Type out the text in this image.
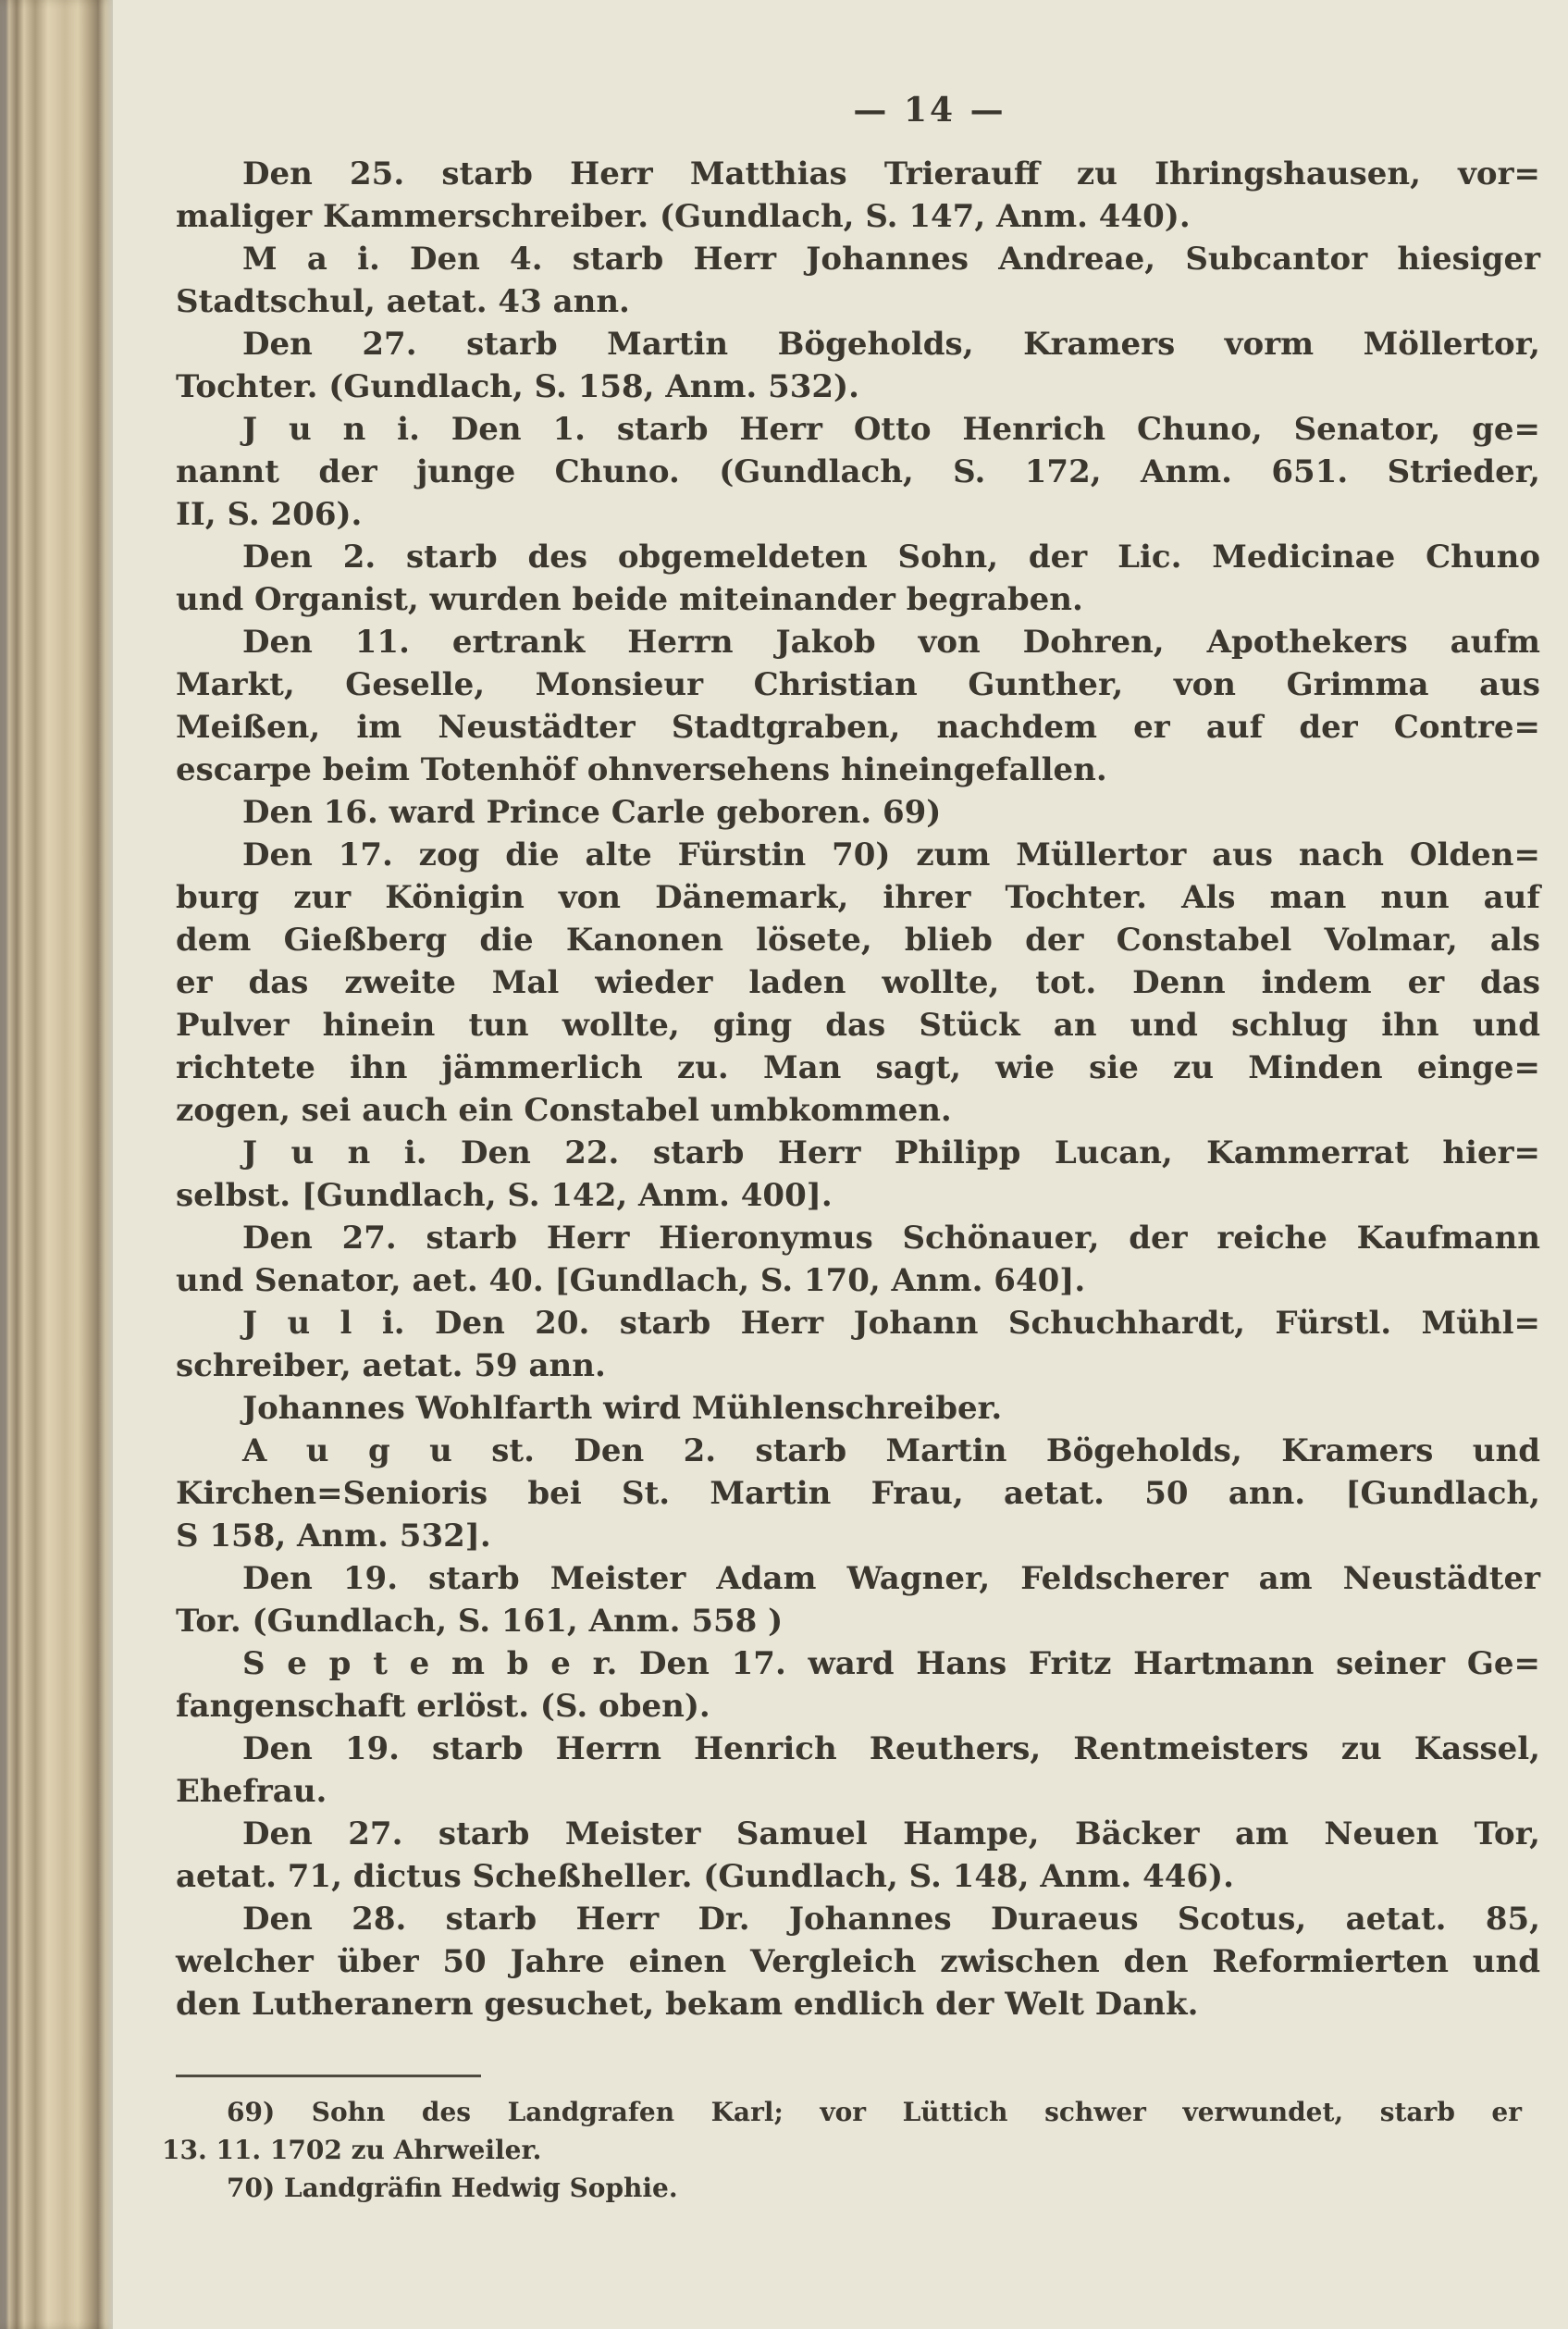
— 14 —
Den 25. starb Herr Matthias Trierauff zu Ihringshausen, vor=
maliger Kammerschreiber. (Gundlach, S. 147, Anm. 440).
M a i. Den 4. starb Herr Johannes Andreae, Subcantor hiesiger
Stadtschul, aetat. 43 ann.
Den 27. starb Martin Bögeholds, Kramers vorm Möllertor,
Tochter. (Gundlach, S. 158, Anm. 532).
J u n i. Den 1. starb Herr Otto Henrich Chuno, Senator, ge=
nannt der junge Chuno. (Gundlach, S. 172, Anm. 651. Strieder,
II, S. 206).
Den 2. starb des obgemeldeten Sohn, der Lic. Medicinae Chuno
und Organist, wurden beide miteinander begraben.
Den 11. ertrank Herrn Jakob von Dohren, Apothekers aufm
Markt, Geselle, Monsieur Christian Gunther, von Grimma aus
Meißen, im Neustädter Stadtgraben, nachdem er auf der Contre=
escarpe beim Totenhöf ohnversehens hineingefallen.
Den 16. ward Prince Carle geboren. 69)
Den 17. zog die alte Fürstin 70) zum Müllertor aus nach Olden=
burg zur Königin von Dänemark, ihrer Tochter. Als man nun auf
dem Gießberg die Kanonen lösete, blieb der Constabel Volmar, als
er das zweite Mal wieder laden wollte, tot. Denn indem er das
Pulver hinein tun wollte, ging das Stück an und schlug ihn und
richtete ihn jämmerlich zu. Man sagt, wie sie zu Minden einge=
zogen, sei auch ein Constabel umbkommen.
J u n i. Den 22. starb Herr Philipp Lucan, Kammerrat hier=
selbst. [Gundlach, S. 142, Anm. 400].
Den 27. starb Herr Hieronymus Schönauer, der reiche Kaufmann
und Senator, aet. 40. [Gundlach, S. 170, Anm. 640].
J u l i. Den 20. starb Herr Johann Schuchhardt, Fürstl. Mühl=
schreiber, aetat. 59 ann.
Johannes Wohlfarth wird Mühlenschreiber.
A u g u st. Den 2. starb Martin Bögeholds, Kramers und
Kirchen=Senioris bei St. Martin Frau, aetat. 50 ann. [Gundlach,
S 158, Anm. 532].
Den 19. starb Meister Adam Wagner, Feldscherer am Neustädter
Tor. (Gundlach, S. 161, Anm. 558 )
S e p t e m b e r. Den 17. ward Hans Fritz Hartmann seiner Ge=
fangenschaft erlöst. (S. oben).
Den 19. starb Herrn Henrich Reuthers, Rentmeisters zu Kassel,
Ehefrau.
Den 27. starb Meister Samuel Hampe, Bäcker am Neuen Tor,
aetat. 71, dictus Scheßheller. (Gundlach, S. 148, Anm. 446).
Den 28. starb Herr Dr. Johannes Duraeus Scotus, aetat. 85,
welcher über 50 Jahre einen Vergleich zwischen den Reformierten und
den Lutheranern gesuchet, bekam endlich der Welt Dank.
69) Sohn des Landgrafen Karl; vor Lüttich schwer verwundet, starb er
13. 11. 1702 zu Ahrweiler.
70) Landgräfin Hedwig Sophie.
